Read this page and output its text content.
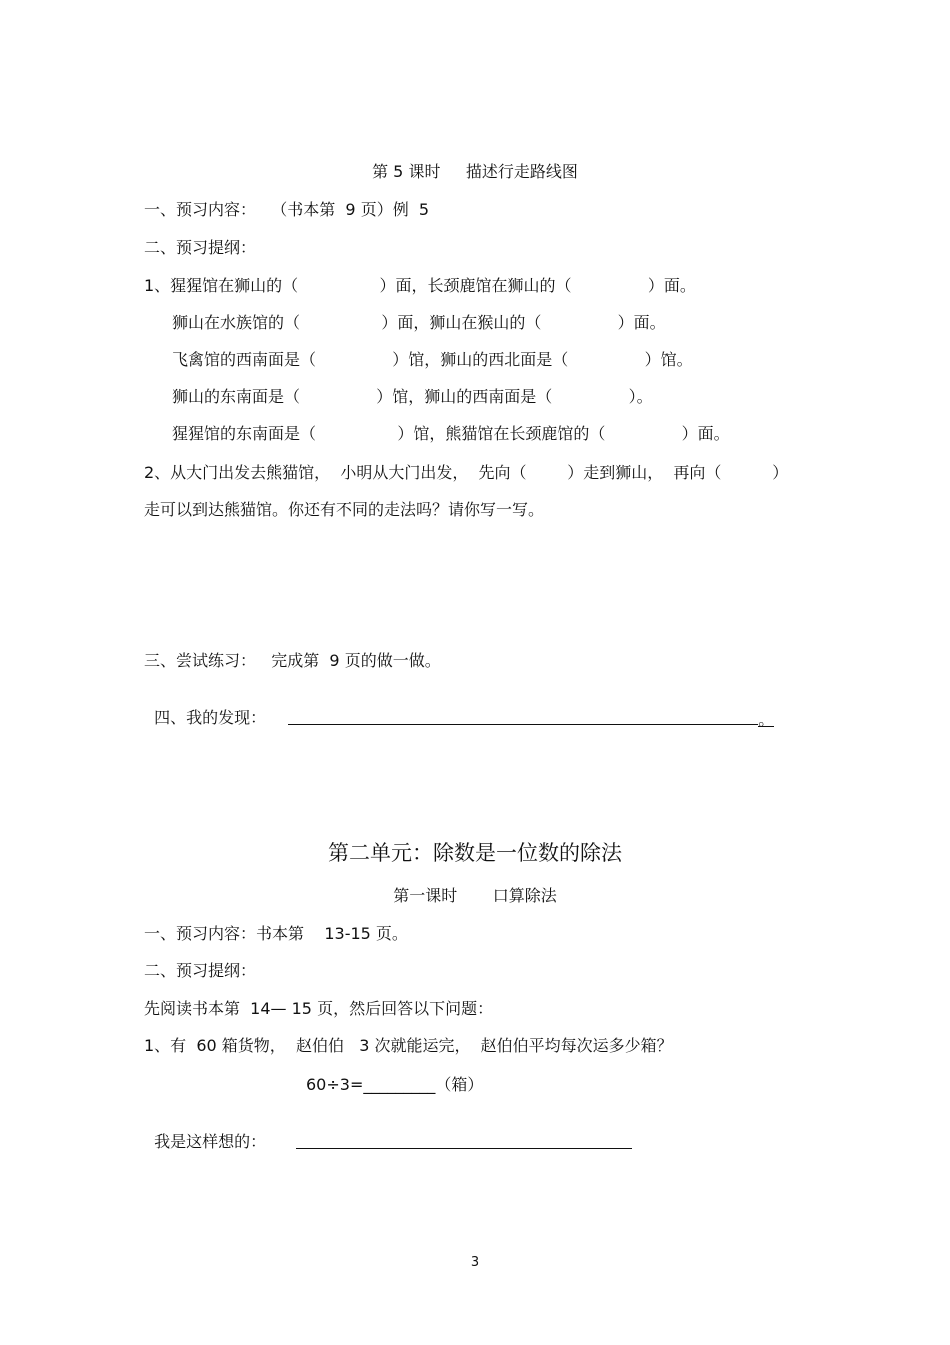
第 5 课时     描述行走路线图
一、预习内容：   （书本第  9 页）例  5
二、预习提纲：
1、猩猩馆在狮山的（                ）面，长颈鹿馆在狮山的（               ）面。
狮山在水族馆的（                ）面，狮山在猴山的（               ）面。
飞禽馆的西南面是（               ）馆，狮山的西北面是（               ）馆。
狮山的东南面是（               ）馆，狮山的西南面是（               ）。
猩猩馆的东南面是（                ）馆，熊猫馆在长颈鹿馆的（               ）面。
2、从大门出发去熊猫馆，  小明从大门出发，  先向（        ）走到狮山，  再向（          ）
走可以到达熊猫馆。你还有不同的走法吗？请你写一写。
三、尝试练习：   完成第  9 页的做一做。

四、我的发现：	。

第二单元：除数是一位数的除法
第一课时       口算除法
一、预习内容：书本第    13-15 页。
二、预习提纲：
先阅读书本第  14— 15 页，然后回答以下问题：
1、有  60 箱货物，  赵伯伯   3 次就能运完，  赵伯伯平均每次运多少箱？
60÷3=_________（箱）

我是这样想的：

3
